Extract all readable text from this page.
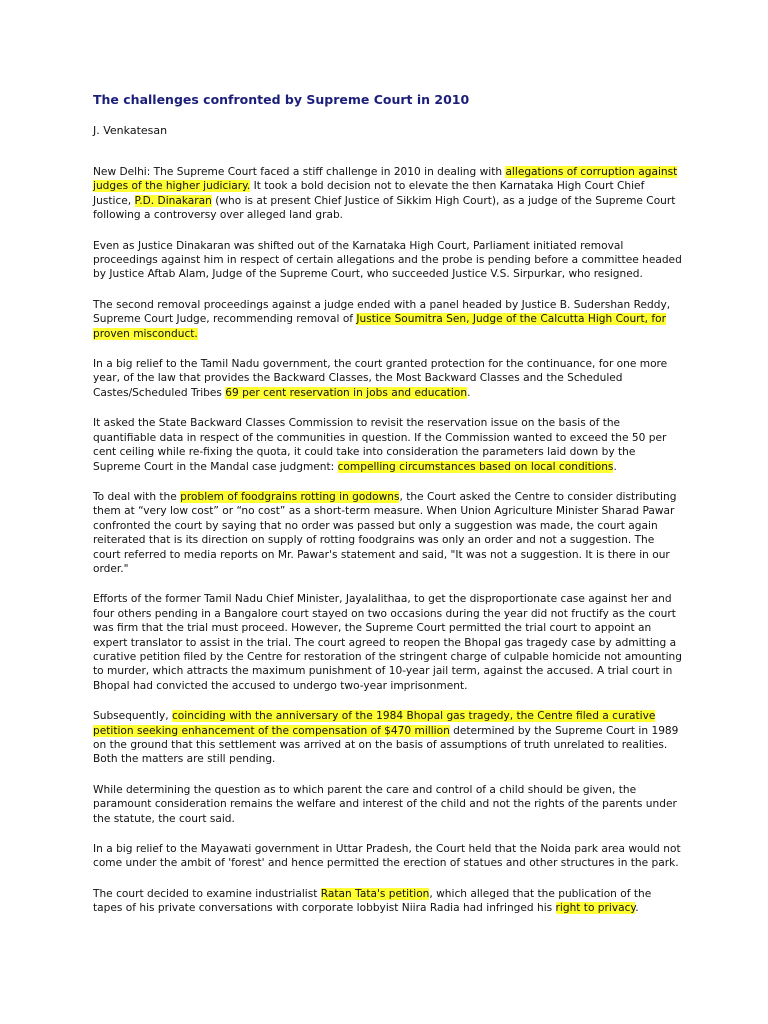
The challenges confronted by Supreme Court in 2010
J. Venkatesan

New Delhi: The Supreme Court faced a stiff challenge in 2010 in dealing with allegations of corruption against judges of the higher judiciary. It took a bold decision not to elevate the then Karnataka High Court Chief Justice, P.D. Dinakaran (who is at present Chief Justice of Sikkim High Court), as a judge of the Supreme Court following a controversy over alleged land grab.

Even as Justice Dinakaran was shifted out of the Karnataka High Court, Parliament initiated removal proceedings against him in respect of certain allegations and the probe is pending before a committee headed by Justice Aftab Alam, Judge of the Supreme Court, who succeeded Justice V.S. Sirpurkar, who resigned.

The second removal proceedings against a judge ended with a panel headed by Justice B. Sudershan Reddy, Supreme Court Judge, recommending removal of Justice Soumitra Sen, Judge of the Calcutta High Court, for proven misconduct.

In a big relief to the Tamil Nadu government, the court granted protection for the continuance, for one more year, of the law that provides the Backward Classes, the Most Backward Classes and the Scheduled Castes/Scheduled Tribes 69 per cent reservation in jobs and education.

It asked the State Backward Classes Commission to revisit the reservation issue on the basis of the quantifiable data in respect of the communities in question. If the Commission wanted to exceed the 50 per cent ceiling while re-fixing the quota, it could take into consideration the parameters laid down by the Supreme Court in the Mandal case judgment: compelling circumstances based on local conditions.

To deal with the problem of foodgrains rotting in godowns, the Court asked the Centre to consider distributing them at “very low cost” or “no cost” as a short-term measure. When Union Agriculture Minister Sharad Pawar confronted the court by saying that no order was passed but only a suggestion was made, the court again reiterated that is its direction on supply of rotting foodgrains was only an order and not a suggestion. The court referred to media reports on Mr. Pawar's statement and said, "It was not a suggestion. It is there in our order."

Efforts of the former Tamil Nadu Chief Minister, Jayalalithaa, to get the disproportionate case against her and four others pending in a Bangalore court stayed on two occasions during the year did not fructify as the court was firm that the trial must proceed. However, the Supreme Court permitted the trial court to appoint an expert translator to assist in the trial. The court agreed to reopen the Bhopal gas tragedy case by admitting a curative petition filed by the Centre for restoration of the stringent charge of culpable homicide not amounting to murder, which attracts the maximum punishment of 10-year jail term, against the accused. A trial court in Bhopal had convicted the accused to undergo two-year imprisonment.

Subsequently, coinciding with the anniversary of the 1984 Bhopal gas tragedy, the Centre filed a curative petition seeking enhancement of the compensation of $470 million determined by the Supreme Court in 1989 on the ground that this settlement was arrived at on the basis of assumptions of truth unrelated to realities. Both the matters are still pending.

While determining the question as to which parent the care and control of a child should be given, the paramount consideration remains the welfare and interest of the child and not the rights of the parents under the statute, the court said.

In a big relief to the Mayawati government in Uttar Pradesh, the Court held that the Noida park area would not come under the ambit of 'forest' and hence permitted the erection of statues and other structures in the park.

The court decided to examine industrialist Ratan Tata's petition, which alleged that the publication of the tapes of his private conversations with corporate lobbyist Niira Radia had infringed his right to privacy.
